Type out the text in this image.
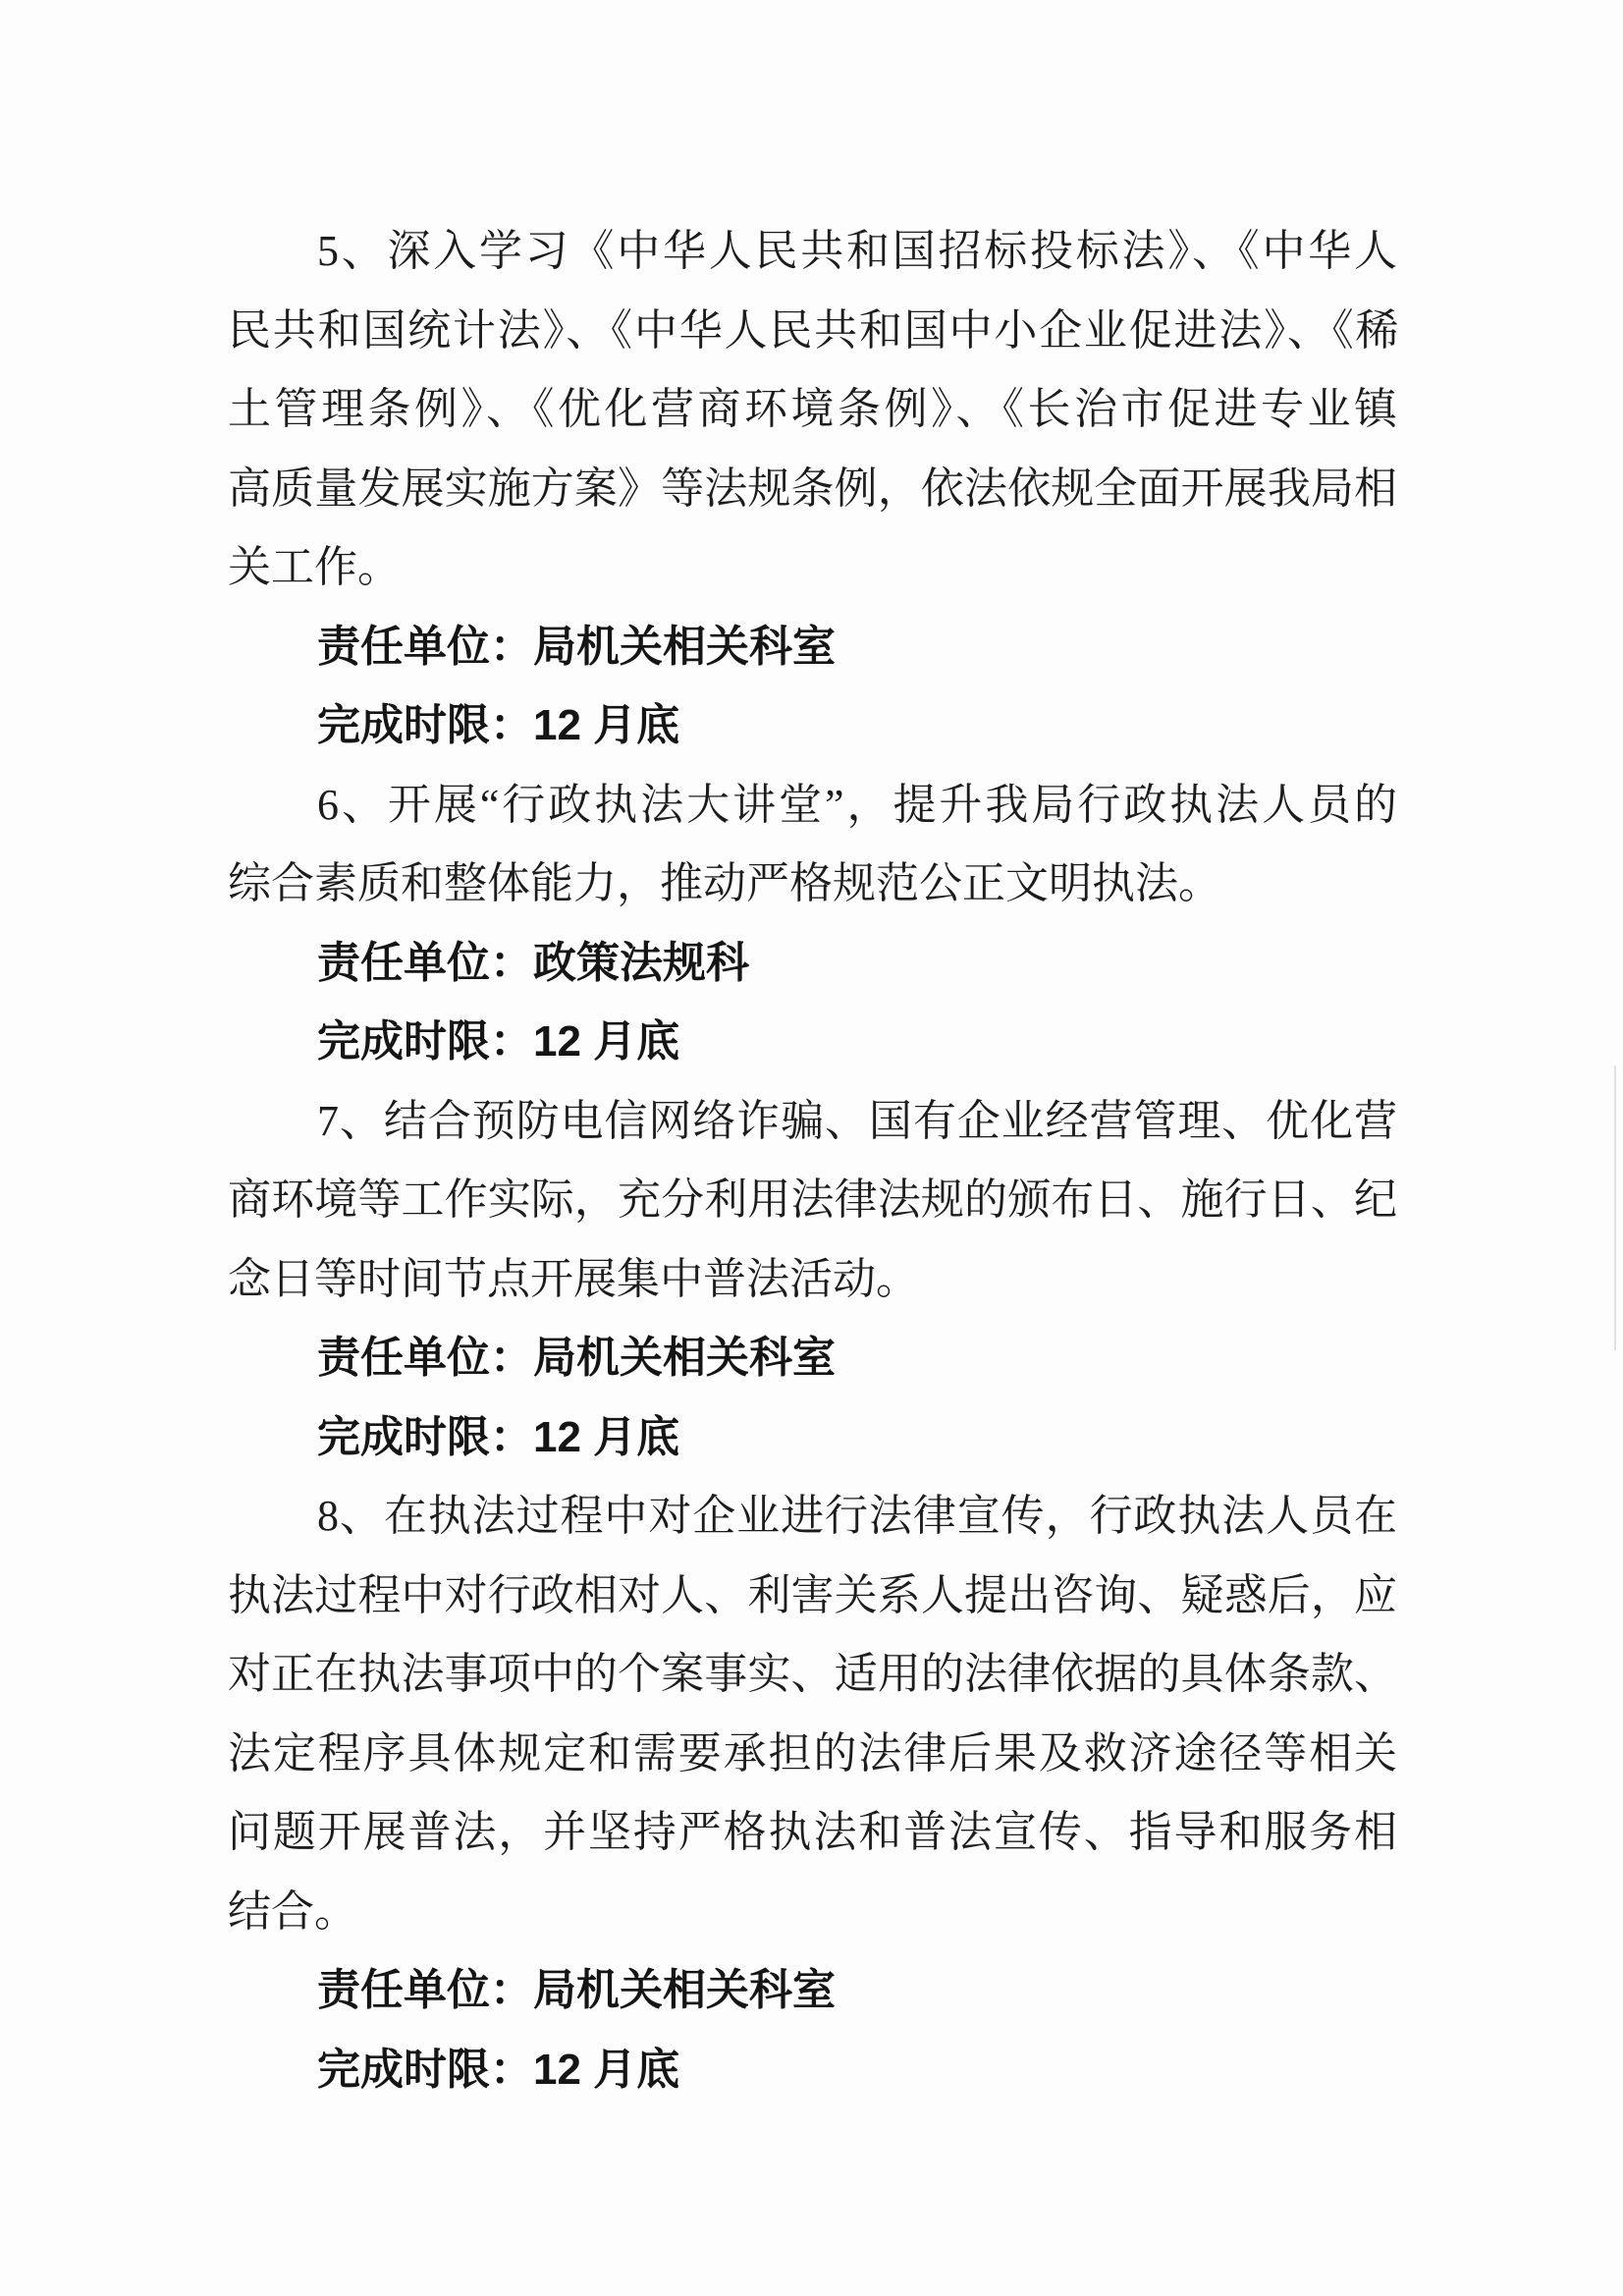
5、深入学习《中华人民共和国招标投标法》、《中华人
民共和国统计法》、《中华人民共和国中小企业促进法》、《稀
土管理条例》、《优化营商环境条例》、《长治市促进专业镇
高质量发展实施方案》等法规条例，依法依规全面开展我局相
关工作。
责任单位：局机关相关科室
完成时限：12 月底
6、开展“行政执法大讲堂”，提升我局行政执法人员的
综合素质和整体能力，推动严格规范公正文明执法。
责任单位：政策法规科
完成时限：12 月底
7、结合预防电信网络诈骗、国有企业经营管理、优化营
商环境等工作实际，充分利用法律法规的颁布日、施行日、纪
念日等时间节点开展集中普法活动。
责任单位：局机关相关科室
完成时限：12 月底
8、在执法过程中对企业进行法律宣传，行政执法人员在
执法过程中对行政相对人、利害关系人提出咨询、疑惑后，应
对正在执法事项中的个案事实、适用的法律依据的具体条款、
法定程序具体规定和需要承担的法律后果及救济途径等相关
问题开展普法，并坚持严格执法和普法宣传、指导和服务相
结合。
责任单位：局机关相关科室
完成时限：12 月底
